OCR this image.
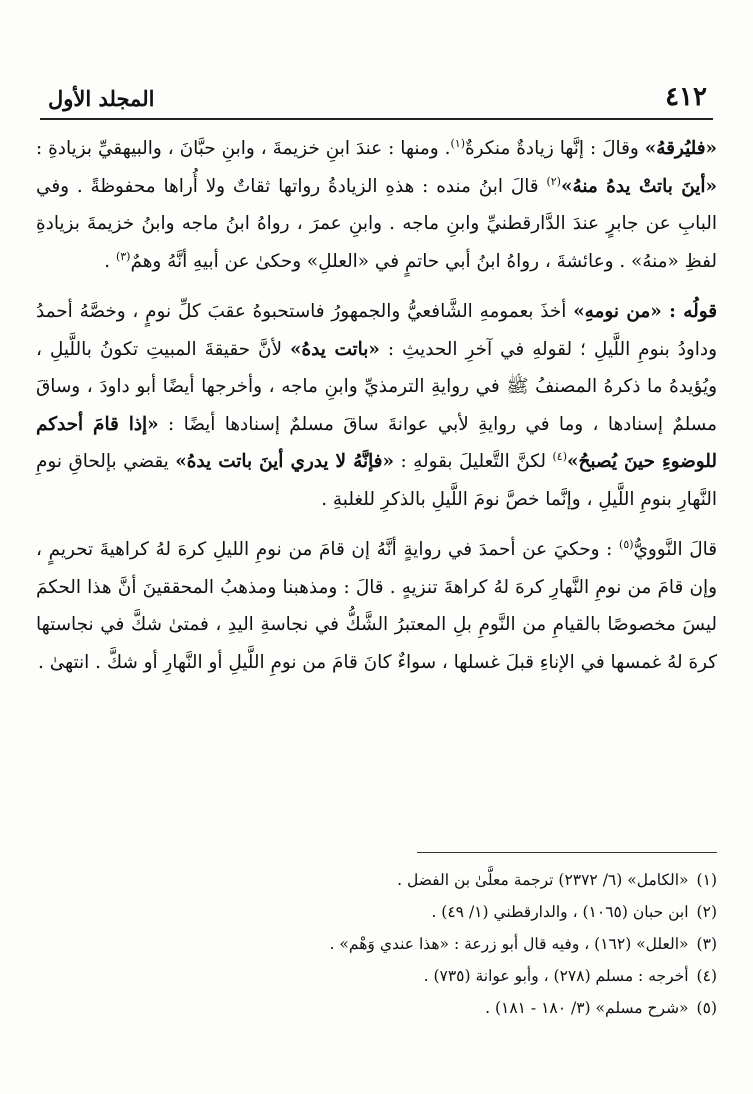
٤١٢
المجلد الأول

«فليُرقهُ» وقالَ : إنَّها زيادةٌ منكرةٌ$^{(١)}$. ومنها : عندَ ابنِ خزيمةَ ، وابنِ حبَّانَ ، والبيهقيِّ بزيادةِ : «أينَ باتتْ يدهُ منهُ»$^{(٢)}$ قالَ ابنُ منده : هذهِ الزيادةُ رواتها ثقاتٌ ولا أُراها محفوظةً . وفي البابِ عن جابرٍ عندَ الدَّارقطنيِّ وابنِ ماجه . وابنِ عمرَ ، رواهُ ابنُ ماجه وابنُ خزيمةَ بزيادةِ لفظِ «منهُ» . وعائشةَ ، رواهُ ابنُ أبي حاتمٍ في «العللِ» وحكىٰ عن أبيهِ أنَّهُ وهمٌ$^{(٣)}$ .

قولُه : «من نومهِ» أخذَ بعمومهِ الشَّافعيُّ والجمهورُ فاستحبوهُ عقبَ كلِّ نومٍ ، وخصَّهُ أحمدُ وداودُ بنومِ اللَّيلِ ؛ لقولهِ في آخرِ الحديثِ : «باتت يدهُ» لأنَّ حقيقةَ المبيتِ تكونُ باللَّيلِ ، ويُؤيدهُ ما ذكرهُ المصنفُ ﷺ في روايةِ الترمذيِّ وابنِ ماجه ، وأخرجها أيضًا أبو داودَ ، وساقَ مسلمٌ إسنادها ، وما في روايةِ لأبي عوانةَ ساقَ مسلمٌ إسنادها أيضًا : «إذا قامَ أحدكم للوضوءِ حينَ يُصبحُ»$^{(٤)}$ لكنَّ التَّعليلَ بقولهِ : «فإنَّهُ لا يدري أينَ باتت يدهُ» يقضي بإلحاقِ نومِ النَّهارِ بنومِ اللَّيلِ ، وإنَّما خصَّ نومَ اللَّيلِ بالذكرِ للغلبةِ .

قالَ النَّوويُّ$^{(٥)}$ : وحكيَ عن أحمدَ في روايةٍ أنَّهُ إن قامَ من نومِ الليلِ كرهَ لهُ كراهيةَ تحريمٍ ، وإن قامَ من نومِ النَّهارِ كرهَ لهُ كراهةَ تنزيهٍ . قالَ : ومذهبنا ومذهبُ المحققينَ أنَّ هذا الحكمَ ليسَ مخصوصًا بالقيامِ من النَّومِ بلِ المعتبرُ الشَّكُّ في نجاسةِ اليدِ ، فمتىٰ شكَّ في نجاستها كرهَ لهُ غمسها في الإناءِ قبلَ غسلها ، سواءٌ كانَ قامَ من نومِ اللَّيلِ أو النَّهارِ أو شكَّ . انتهىٰ .

(١)«الكامل» (٦/ ٢٣٧٢) ترجمة معلَّىٰ بن الفضل .

(٢)ابن حبان (١٠٦٥) ، والدارقطني (١/ ٤٩) .

(٣)«العلل» (١٦٢) ، وفيه قال أبو زرعة : «هذا عندي وَهْم» .

(٤)أخرجه : مسلم (٢٧٨) ، وأبو عوانة (٧٣٥) .

(٥)«شرح مسلم» (٣/ ١٨٠ - ١٨١) .
